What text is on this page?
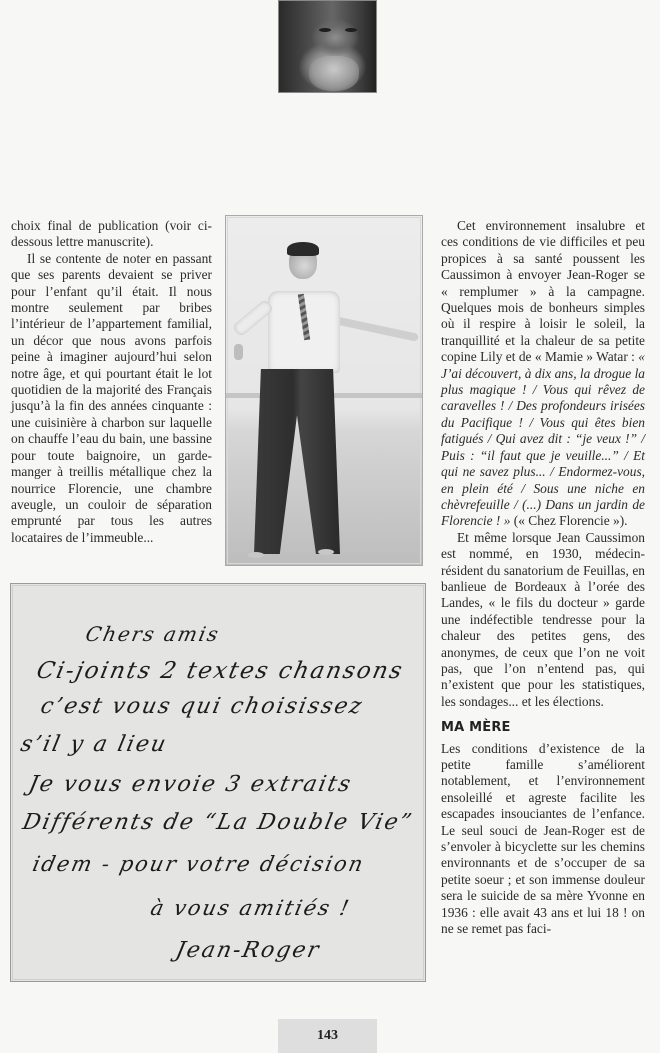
choix final de publication (voir ci-dessous lettre manuscrite).

Il se contente de noter en passant que ses parents devaient se priver pour l’enfant qu’il était. Il nous montre seulement par bribes l’intérieur de l’appartement familial, un décor que nous avons parfois peine à imaginer aujourd’hui selon notre âge, et qui pourtant était le lot quotidien de la majorité des Français jusqu’à la fin des années cinquante : une cuisinière à charbon sur laquelle on chauffe l’eau du bain, une bassine pour toute baignoire, un garde-manger à treillis métallique chez la nourrice Florencie, une chambre aveugle, un couloir de séparation emprunté par tous les autres locataires de l’immeuble...

Cet environnement insalubre et ces conditions de vie difficiles et peu propices à sa santé poussent les Caussimon à envoyer Jean-Roger se « remplumer » à la campagne. Quelques mois de bonheurs simples où il respire à loisir le soleil, la tranquillité et la chaleur de sa petite copine Lily et de « Mamie » Watar : « J’ai découvert, à dix ans, la drogue la plus magique ! / Vous qui rêvez de caravelles ! / Des profondeurs irisées du Pacifique ! / Vous qui êtes bien fatigués / Qui avez dit : “je veux !” / Puis : “il faut que je veuille...” / Et qui ne savez plus... / Endormez-vous, en plein été / Sous une niche en chèvrefeuille / (...) Dans un jardin de Florencie ! » (« Chez Florencie »).

Et même lorsque Jean Caussimon est nommé, en 1930, médecin-résident du sanatorium de Feuillas, en banlieue de Bordeaux à l’orée des Landes, « le fils du docteur » garde une indéfectible tendresse pour la chaleur des petites gens, des anonymes, de ceux que l’on ne voit pas, que l’on n’entend pas, qui n’existent que pour les statistiques, les sondages... et les élections.

MA MÈRE

Les conditions d’existence de la petite famille s’améliorent notablement, et l’environnement ensoleillé et agreste facilite les escapades insouciantes de l’enfance. Le seul souci de Jean-Roger est de s’envoler à bicyclette sur les chemins environnants et de s’occuper de sa petite soeur ; et son immense douleur sera le suicide de sa mère Yvonne en 1936 : elle avait 43 ans et lui 18 ! on ne se remet pas faci-

Chers amis
Ci-joints 2 textes chansons
c’est vous qui choisissez
s’il y a lieu
Je vous envoie 3 extraits
Différents de “La Double Vie”
idem - pour votre décision
à vous amitiés !
Jean-Roger
143
